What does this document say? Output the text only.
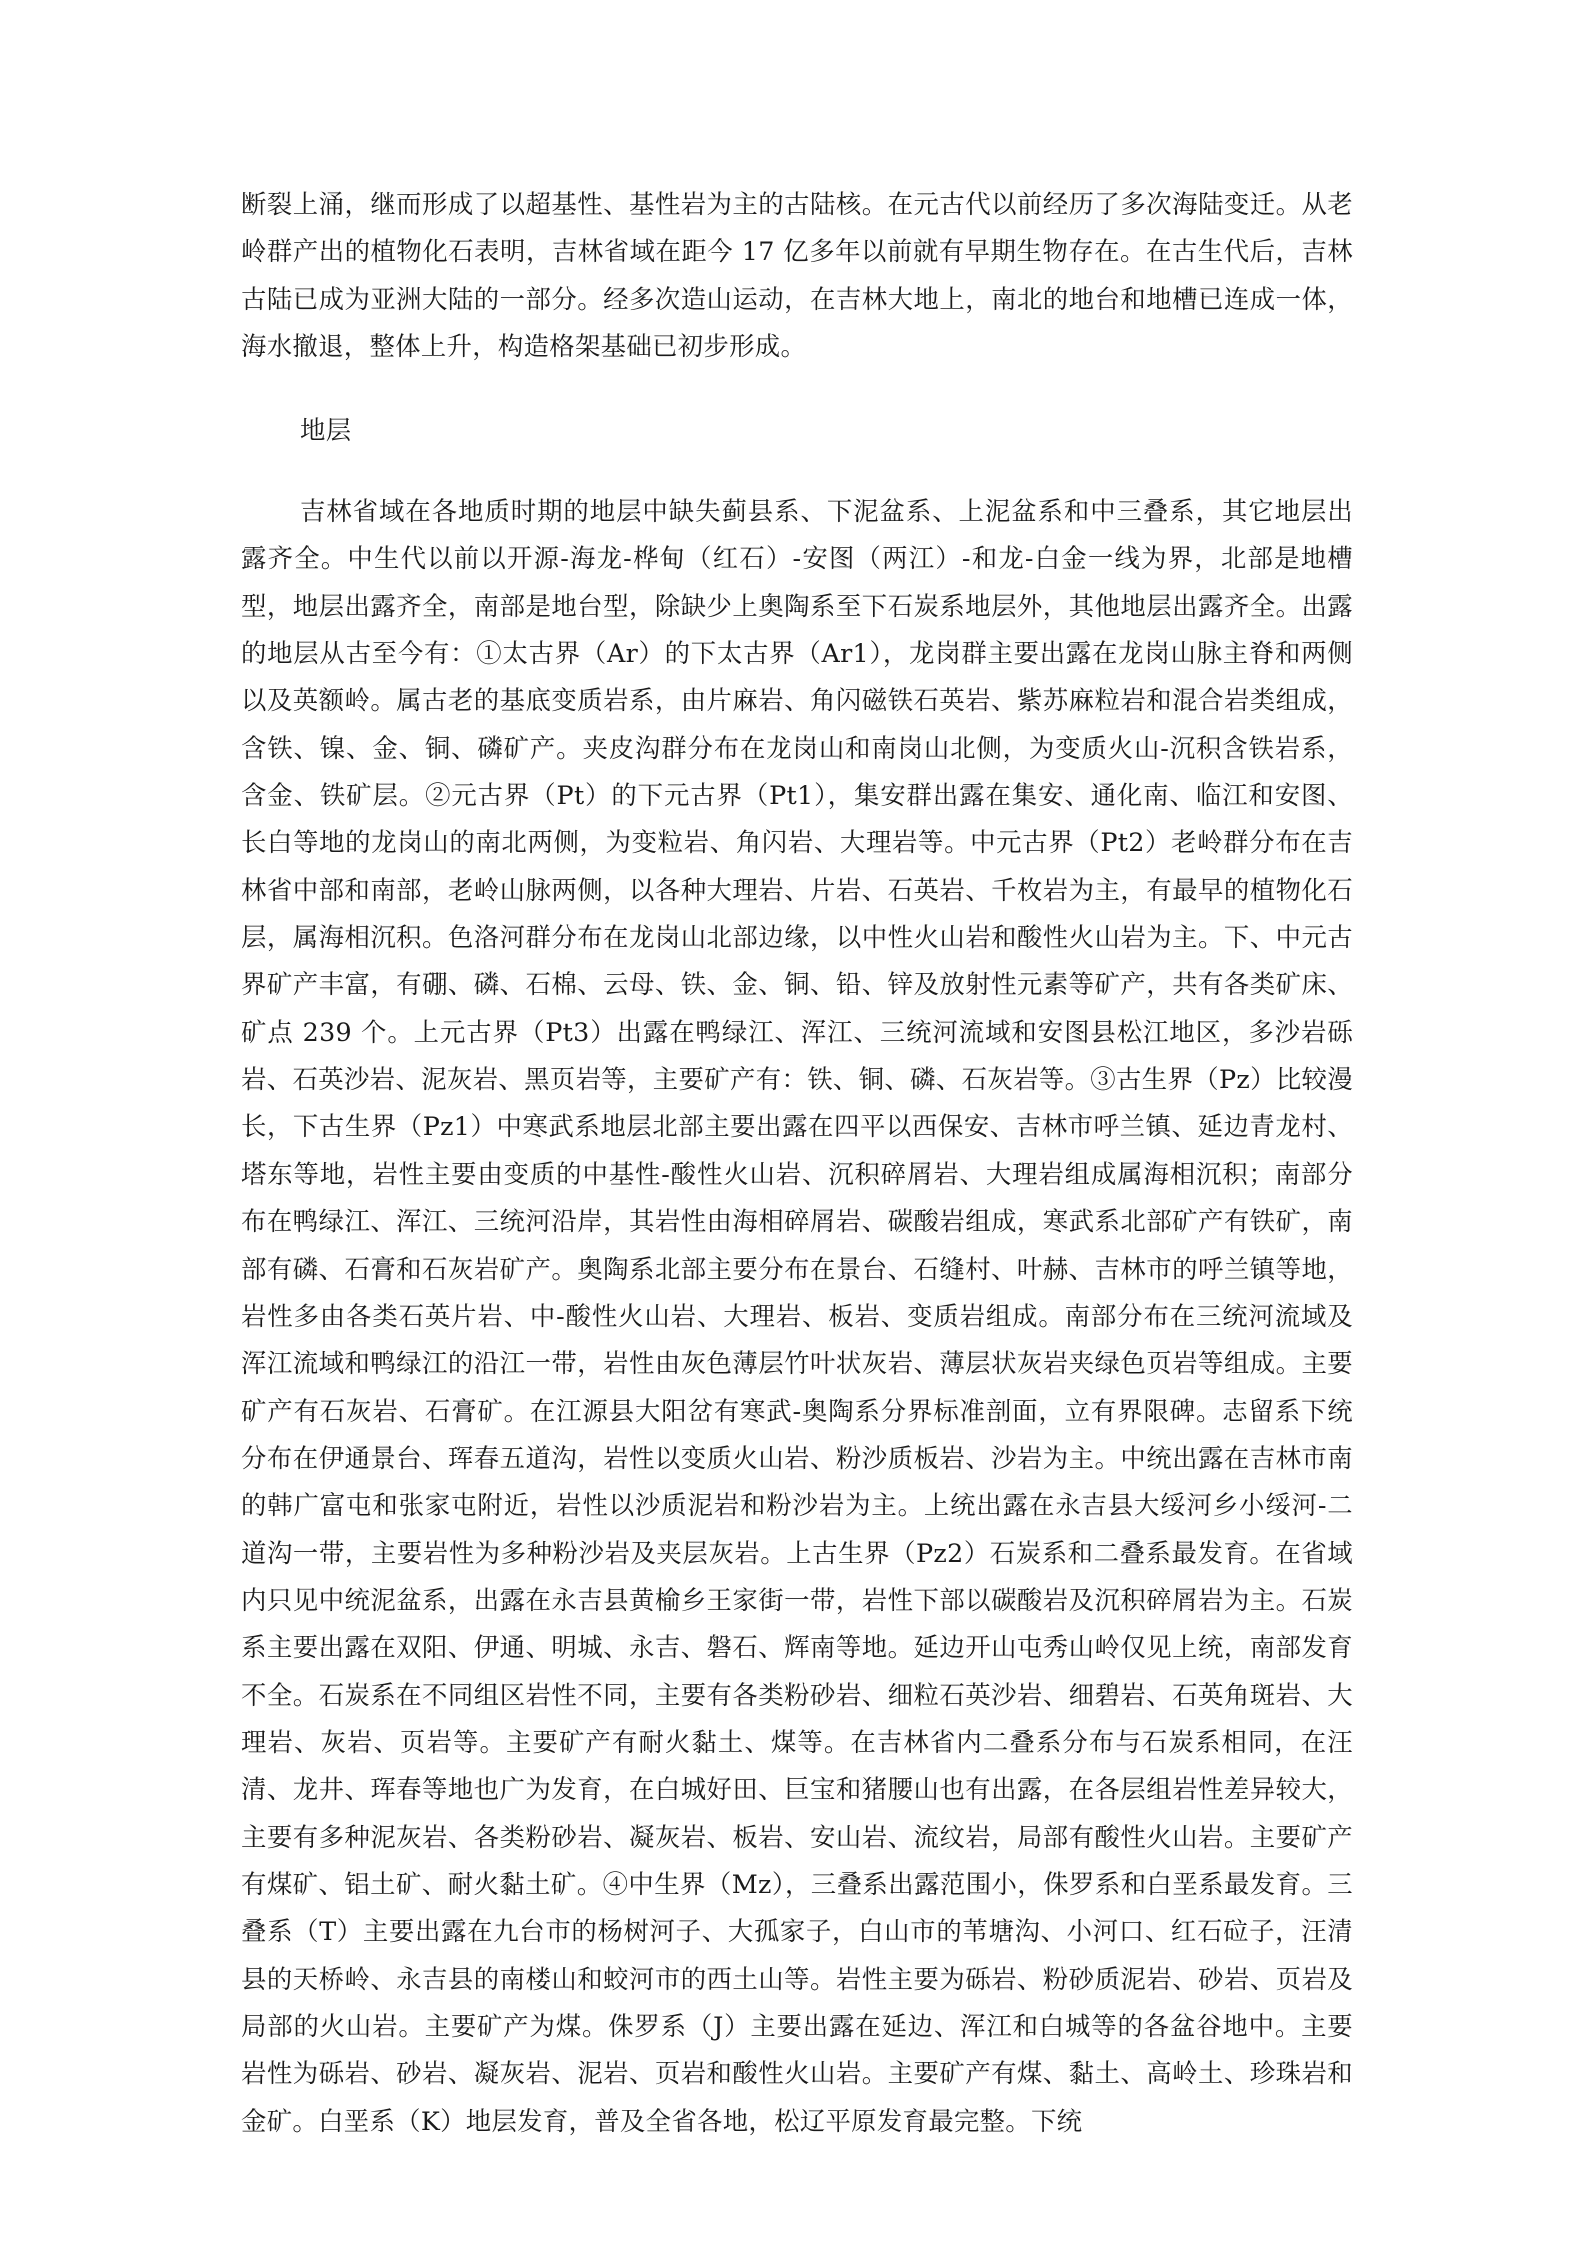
断裂上涌，继而形成了以超基性、基性岩为主的古陆核。在元古代以前经历了多次海陆变迁。从老岭群产出的植物化石表明，吉林省域在距今 17 亿多年以前就有早期生物存在。在古生代后，吉林古陆已成为亚洲大陆的一部分。经多次造山运动，在吉林大地上，南北的地台和地槽已连成一体，海水撤退，整体上升，构造格架基础已初步形成。

地层

吉林省域在各地质时期的地层中缺失蓟县系、下泥盆系、上泥盆系和中三叠系，其它地层出露齐全。中生代以前以开源-海龙-桦甸（红石）-安图（两江）-和龙-白金一线为界，北部是地槽型，地层出露齐全，南部是地台型，除缺少上奥陶系至下石炭系地层外，其他地层出露齐全。出露的地层从古至今有：①太古界（Ar）的下太古界（Ar1），龙岗群主要出露在龙岗山脉主脊和两侧以及英额岭。属古老的基底变质岩系，由片麻岩、角闪磁铁石英岩、紫苏麻粒岩和混合岩类组成，含铁、镍、金、铜、磷矿产。夹皮沟群分布在龙岗山和南岗山北侧，为变质火山-沉积含铁岩系，含金、铁矿层。②元古界（Pt）的下元古界（Pt1），集安群出露在集安、通化南、临江和安图、长白等地的龙岗山的南北两侧，为变粒岩、角闪岩、大理岩等。中元古界（Pt2）老岭群分布在吉林省中部和南部，老岭山脉两侧，以各种大理岩、片岩、石英岩、千枚岩为主，有最早的植物化石层，属海相沉积。色洛河群分布在龙岗山北部边缘，以中性火山岩和酸性火山岩为主。下、中元古界矿产丰富，有硼、磷、石棉、云母、铁、金、铜、铅、锌及放射性元素等矿产，共有各类矿床、矿点 239 个。上元古界（Pt3）出露在鸭绿江、浑江、三统河流域和安图县松江地区，多沙岩砾岩、石英沙岩、泥灰岩、黑页岩等，主要矿产有：铁、铜、磷、石灰岩等。③古生界（Pz）比较漫长，下古生界（Pz1）中寒武系地层北部主要出露在四平以西保安、吉林市呼兰镇、延边青龙村、塔东等地，岩性主要由变质的中基性-酸性火山岩、沉积碎屑岩、大理岩组成属海相沉积；南部分布在鸭绿江、浑江、三统河沿岸，其岩性由海相碎屑岩、碳酸岩组成，寒武系北部矿产有铁矿，南部有磷、石膏和石灰岩矿产。奥陶系北部主要分布在景台、石缝村、叶赫、吉林市的呼兰镇等地，岩性多由各类石英片岩、中-酸性火山岩、大理岩、板岩、变质岩组成。南部分布在三统河流域及浑江流域和鸭绿江的沿江一带，岩性由灰色薄层竹叶状灰岩、薄层状灰岩夹绿色页岩等组成。主要矿产有石灰岩、石膏矿。在江源县大阳岔有寒武-奥陶系分界标准剖面，立有界限碑。志留系下统分布在伊通景台、珲春五道沟，岩性以变质火山岩、粉沙质板岩、沙岩为主。中统出露在吉林市南的韩广富屯和张家屯附近，岩性以沙质泥岩和粉沙岩为主。上统出露在永吉县大绥河乡小绥河-二道沟一带，主要岩性为多种粉沙岩及夹层灰岩。上古生界（Pz2）石炭系和二叠系最发育。在省域内只见中统泥盆系，出露在永吉县黄榆乡王家街一带，岩性下部以碳酸岩及沉积碎屑岩为主。石炭系主要出露在双阳、伊通、明城、永吉、磐石、辉南等地。延边开山屯秀山岭仅见上统，南部发育不全。石炭系在不同组区岩性不同，主要有各类粉砂岩、细粒石英沙岩、细碧岩、石英角斑岩、大理岩、灰岩、页岩等。主要矿产有耐火黏土、煤等。在吉林省内二叠系分布与石炭系相同，在汪清、龙井、珲春等地也广为发育，在白城好田、巨宝和猪腰山也有出露，在各层组岩性差异较大，主要有多种泥灰岩、各类粉砂岩、凝灰岩、板岩、安山岩、流纹岩，局部有酸性火山岩。主要矿产有煤矿、铝土矿、耐火黏土矿。④中生界（Mz），三叠系出露范围小，侏罗系和白垩系最发育。三叠系（T）主要出露在九台市的杨树河子、大孤家子，白山市的苇塘沟、小河口、红石砬子，汪清县的天桥岭、永吉县的南楼山和蛟河市的西土山等。岩性主要为砾岩、粉砂质泥岩、砂岩、页岩及局部的火山岩。主要矿产为煤。侏罗系（J）主要出露在延边、浑江和白城等的各盆谷地中。主要岩性为砾岩、砂岩、凝灰岩、泥岩、页岩和酸性火山岩。主要矿产有煤、黏土、高岭土、珍珠岩和金矿。白垩系（K）地层发育，普及全省各地，松辽平原发育最完整。下统
